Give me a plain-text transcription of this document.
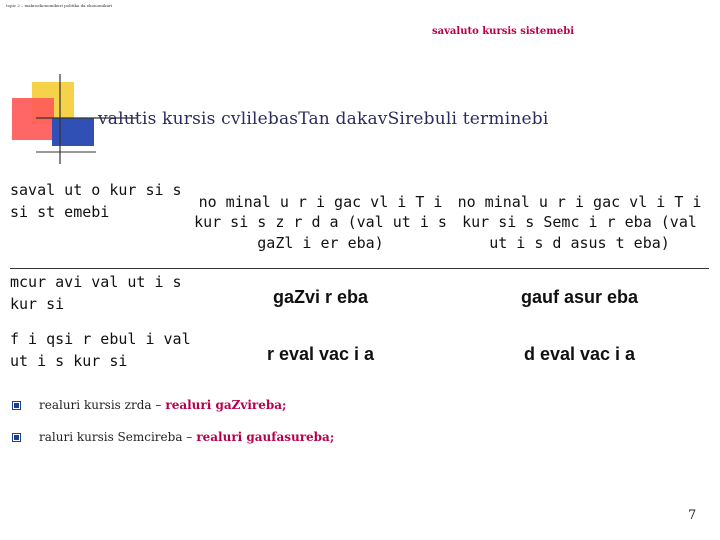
topic 2 – makroekonomikuri politika da ekonomikuri
savaluto kursis sistemebi
valutis kursis cvlilebasTan dakavSirebuli terminebi
saval ut o kur si s si st emebi	no minal u r i gac vl i T i kur si s z r d a (val ut i s gaZl i er eba)	no minal u r i gac vl i T i kur si s Semc i r eba (val ut i s d asus t eba)
mcur avi val ut i s kur si	gaZvi r eba	gauf asur eba
f i qsi r ebul i val ut i s kur si	r eval vac i a	d eval vac i a
realuri kursis zrda – realuri gaZvireba;
raluri kursis Semcireba – realuri gaufasureba;
7
